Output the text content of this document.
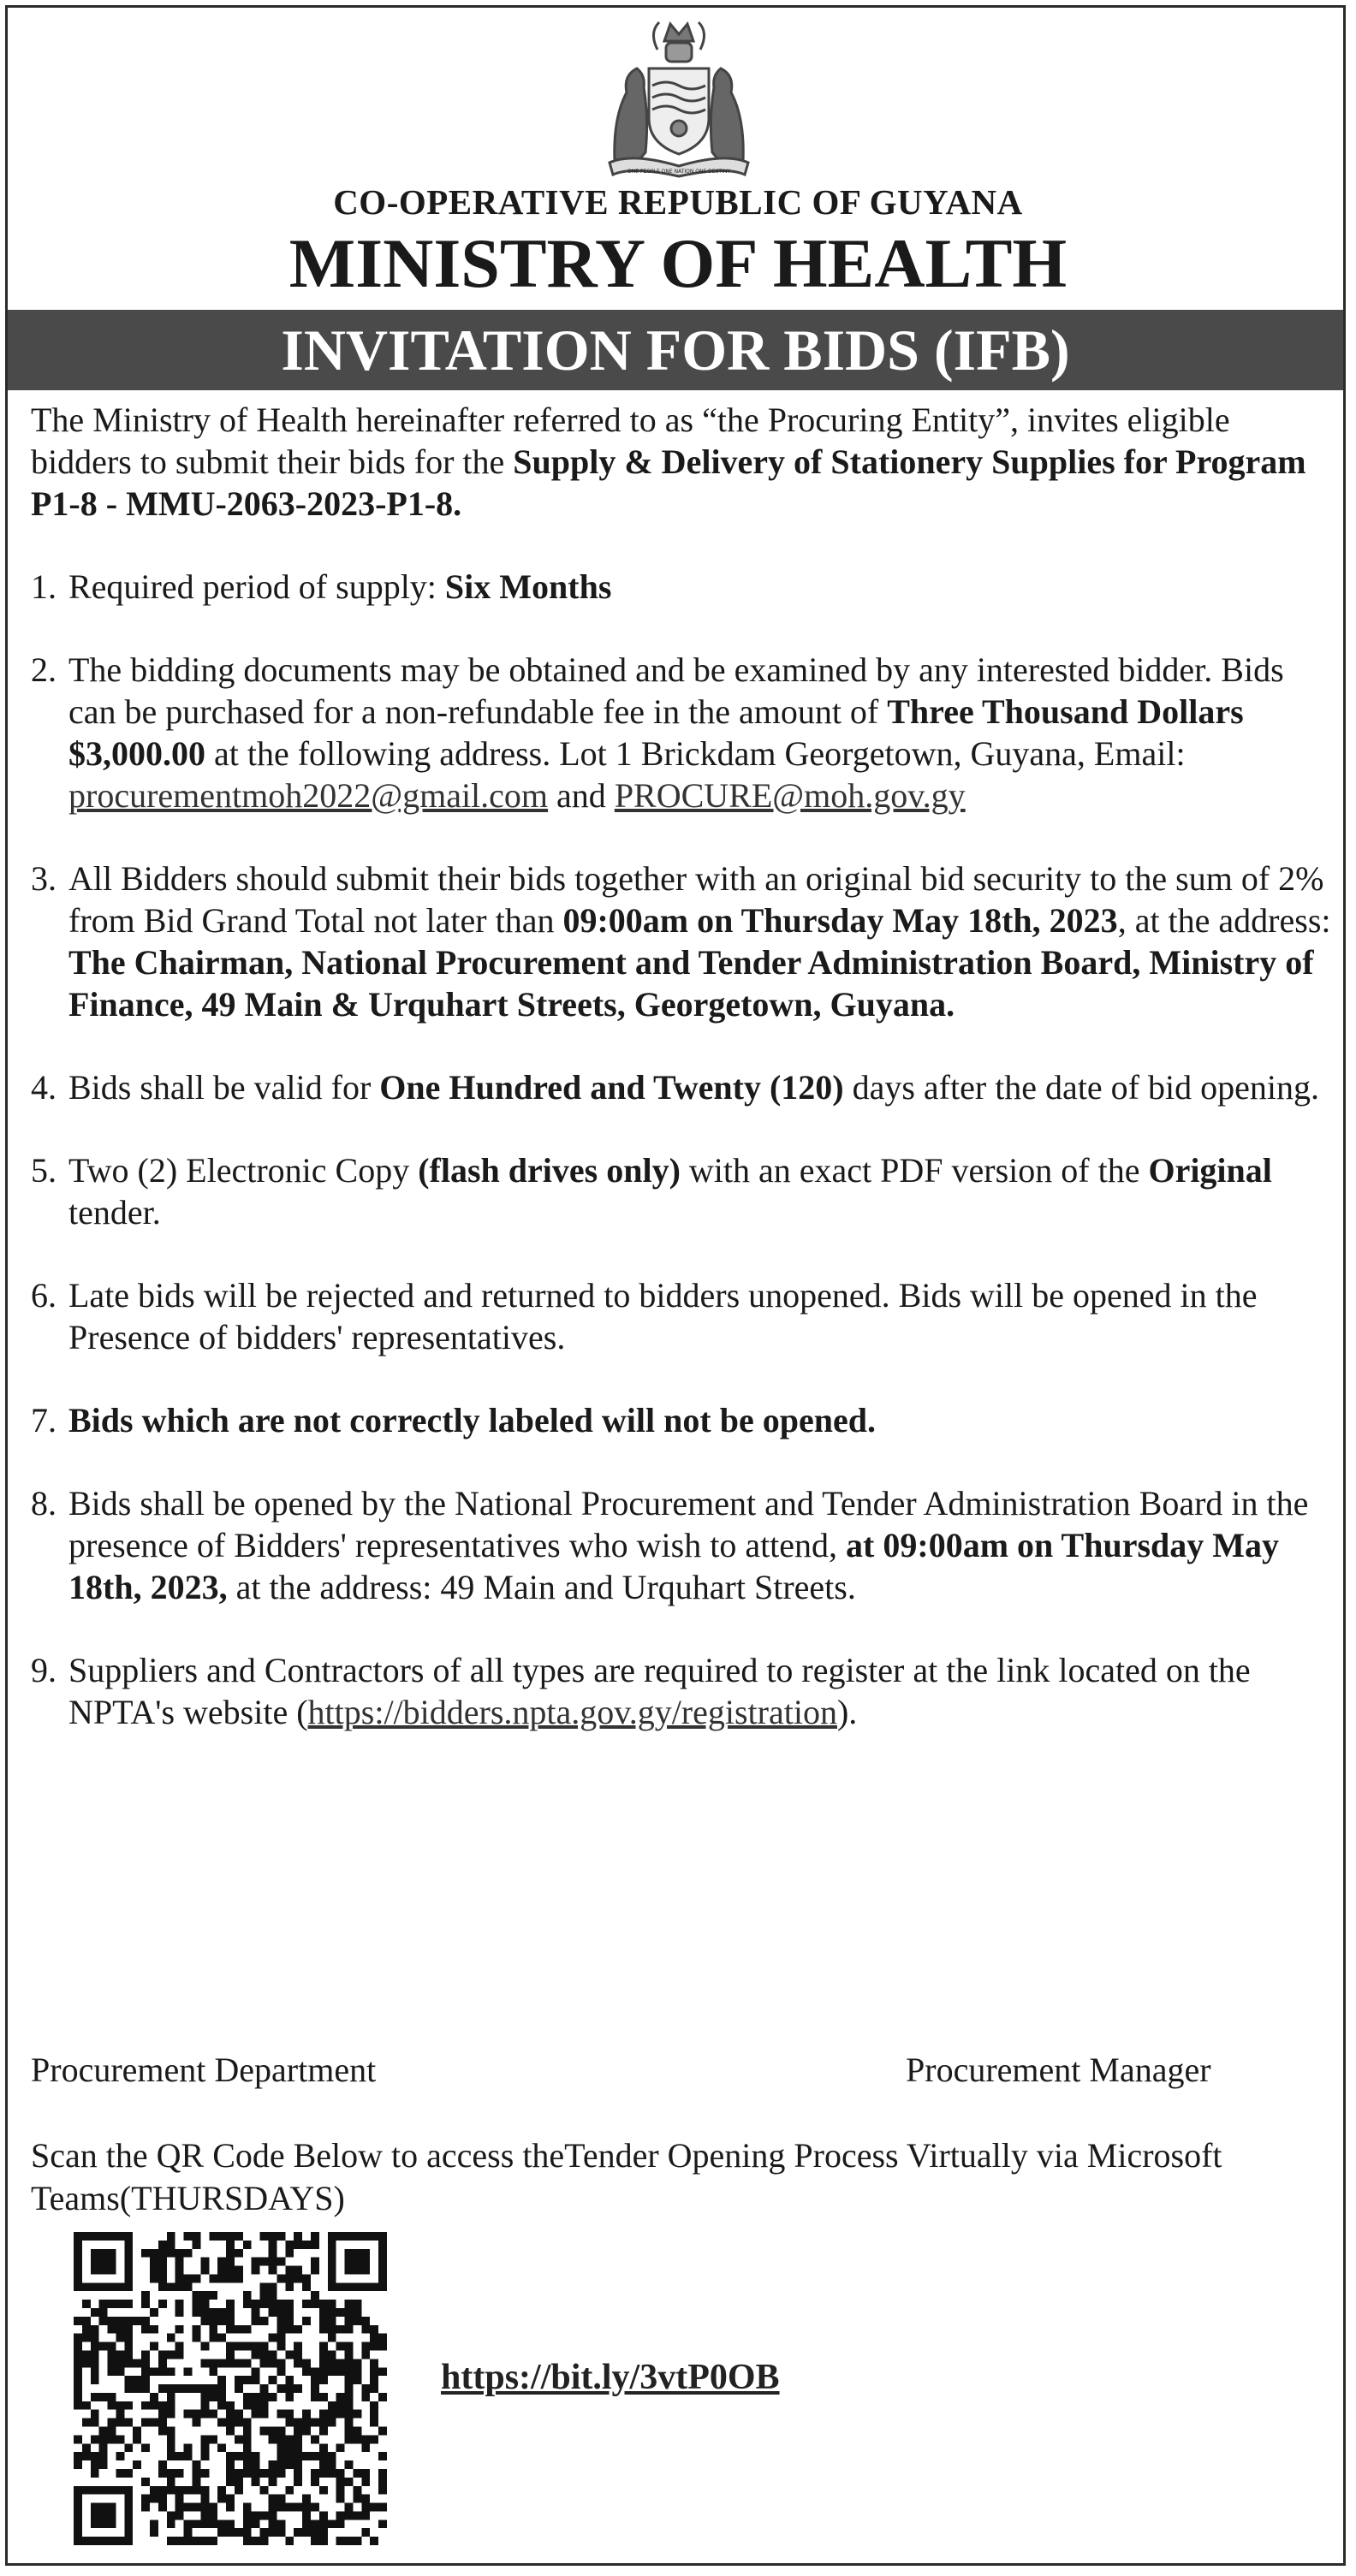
ONE PEOPLE ONE NATION ONE DESTINY
CO-OPERATIVE REPUBLIC OF GUYANA
MINISTRY OF HEALTH
INVITATION FOR BIDS (IFB)

The Ministry of Health hereinafter referred to as “the Procuring Entity”, invites eligible bidders to submit their bids for the Supply & Delivery of Stationery Supplies for Program P1-8 - MMU-2063-2023-P1-8.

1. Required period of supply: Six Months
2. The bidding documents may be obtained and be examined by any interested bidder. Bids can be purchased for a non-refundable fee in the amount of Three Thousand Dollars $3,000.00 at the following address. Lot 1 Brickdam Georgetown, Guyana, Email: procurementmoh2022@gmail.com and PROCURE@moh.gov.gy
3. All Bidders should submit their bids together with an original bid security to the sum of 2% from Bid Grand Total not later than 09:00am on Thursday May 18th, 2023, at the address: The Chairman, National Procurement and Tender Administration Board, Ministry of Finance, 49 Main & Urquhart Streets, Georgetown, Guyana.
4. Bids shall be valid for One Hundred and Twenty (120) days after the date of bid opening.
5. Two (2) Electronic Copy (flash drives only) with an exact PDF version of the Original tender.
6. Late bids will be rejected and returned to bidders unopened. Bids will be opened in the Presence of bidders' representatives.
7. Bids which are not correctly labeled will not be opened.
8. Bids shall be opened by the National Procurement and Tender Administration Board in the presence of Bidders' representatives who wish to attend, at 09:00am on Thursday May 18th, 2023, at the address: 49 Main and Urquhart Streets.
9. Suppliers and Contractors of all types are required to register at the link located on the NPTA's website (https://bidders.npta.gov.gy/registration).
Procurement Department	Procurement Manager
Scan the QR Code Below to access theTender Opening Process Virtually via Microsoft Teams(THURSDAYS)
https://bit.ly/3vtP0OB
